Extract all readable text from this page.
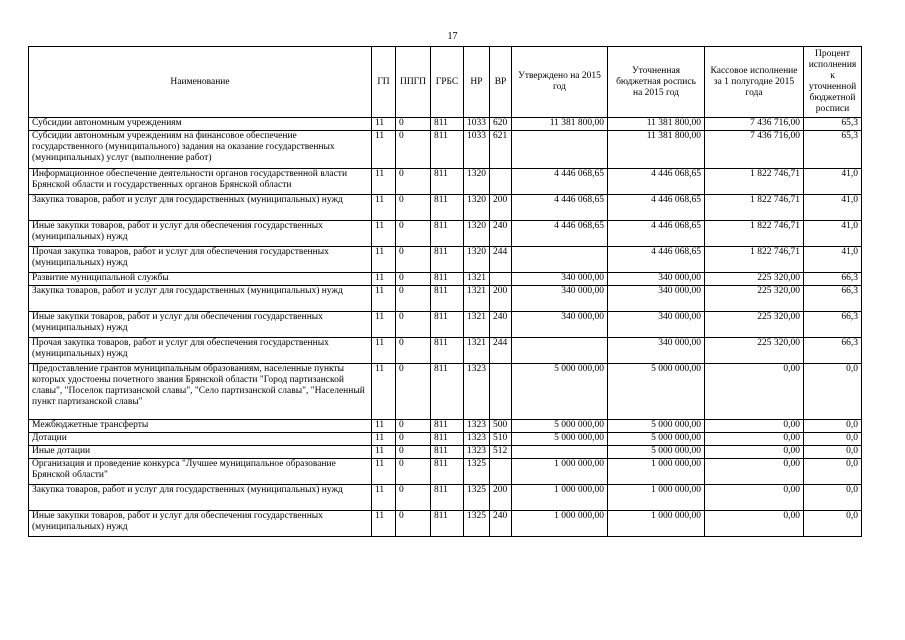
17
Наименование	ГП	ППГП	ГРБС	НР	ВР	Утверждено на 2015 год	Уточненная бюджетная роспись на 2015 год	Кассовое исполнение за 1 полугодие 2015 года	Процент исполнения к уточненной бюджетной росписи
Субсидии автономным учреждениям	11	0	811	1033	620	11 381 800,00	11 381 800,00	7 436 716,00	65,3
Субсидии автономным учреждениям на финансовое обеспечение государственного (муниципального) задания на оказание государственных (муниципальных) услуг (выполнение работ)	11	0	811	1033	621		11 381 800,00	7 436 716,00	65,3
Информационное обеспечение деятельности органов государственной власти Брянской области и государственных органов Брянской области	11	0	811	1320		4 446 068,65	4 446 068,65	1 822 746,71	41,0
Закупка товаров, работ и услуг для государственных (муниципальных) нужд	11	0	811	1320	200	4 446 068,65	4 446 068,65	1 822 746,71	41,0
Иные закупки товаров, работ и услуг для обеспечения государственных (муниципальных) нужд	11	0	811	1320	240	4 446 068,65	4 446 068,65	1 822 746,71	41,0
Прочая закупка товаров, работ и услуг для обеспечения государственных (муниципальных) нужд	11	0	811	1320	244		4 446 068,65	1 822 746,71	41,0
Развитие муниципальной службы	11	0	811	1321		340 000,00	340 000,00	225 320,00	66,3
Закупка товаров, работ и услуг для государственных (муниципальных) нужд	11	0	811	1321	200	340 000,00	340 000,00	225 320,00	66,3
Иные закупки товаров, работ и услуг для обеспечения государственных (муниципальных) нужд	11	0	811	1321	240	340 000,00	340 000,00	225 320,00	66,3
Прочая закупка товаров, работ и услуг для обеспечения государственных (муниципальных) нужд	11	0	811	1321	244		340 000,00	225 320,00	66,3
Предоставление грантов муниципальным образованиям, населенные пункты которых удостоены почетного звания Брянской области "Город партизанской славы", "Поселок партизанской славы", "Село партизанской славы", "Населенный пункт партизанской славы"	11	0	811	1323		5 000 000,00	5 000 000,00	0,00	0,0
Межбюджетные трансферты	11	0	811	1323	500	5 000 000,00	5 000 000,00	0,00	0,0
Дотации	11	0	811	1323	510	5 000 000,00	5 000 000,00	0,00	0,0
Иные дотации	11	0	811	1323	512		5 000 000,00	0,00	0,0
Организация и проведение конкурса "Лучшее муниципальное образование Брянской области"	11	0	811	1325		1 000 000,00	1 000 000,00	0,00	0,0
Закупка товаров, работ и услуг для государственных (муниципальных) нужд	11	0	811	1325	200	1 000 000,00	1 000 000,00	0,00	0,0
Иные закупки товаров, работ и услуг для обеспечения государственных (муниципальных) нужд	11	0	811	1325	240	1 000 000,00	1 000 000,00	0,00	0,0
